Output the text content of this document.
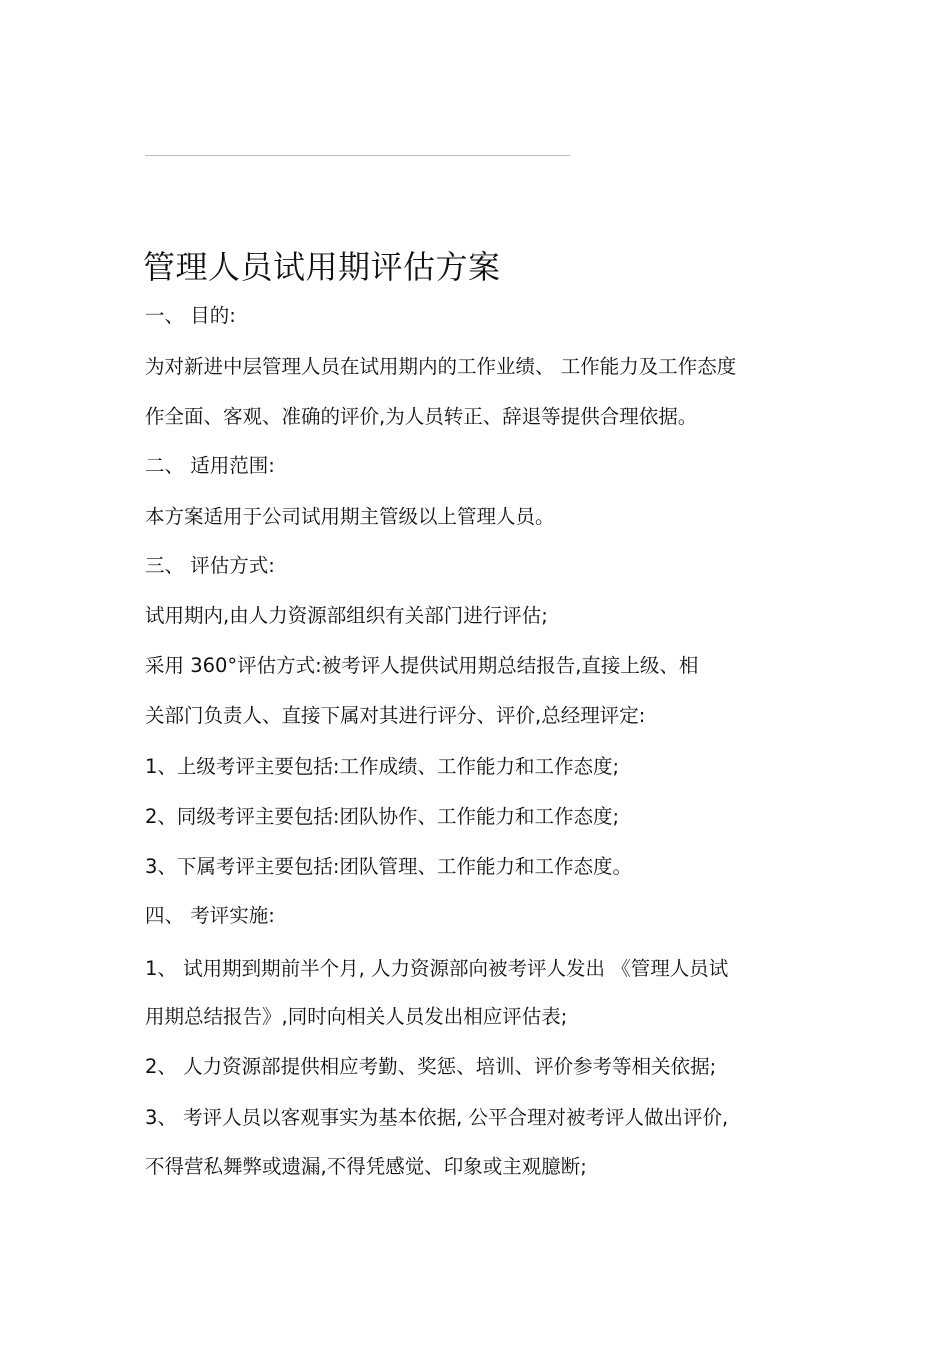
管理人员试用期评估方案

一、 目的:

为对新进中层管理人员在试用期内的工作业绩、 工作能力及工作态度

作全面、客观、准确的评价,为人员转正、辞退等提供合理依据。

二、 适用范围:

本方案适用于公司试用期主管级以上管理人员。

三、 评估方式:

试用期内,由人力资源部组织有关部门进行评估;

采用 360°评估方式:被考评人提供试用期总结报告,直接上级、相

关部门负责人、直接下属对其进行评分、评价,总经理评定:

1、上级考评主要包括:工作成绩、工作能力和工作态度;

2、同级考评主要包括:团队协作、工作能力和工作态度;

3、下属考评主要包括:团队管理、工作能力和工作态度。

四、 考评实施:

1、 试用期到期前半个月, 人力资源部向被考评人发出 《管理人员试

用期总结报告》,同时向相关人员发出相应评估表;

2、 人力资源部提供相应考勤、奖惩、培训、评价参考等相关依据;

3、 考评人员以客观事实为基本依据, 公平合理对被考评人做出评价,

不得营私舞弊或遗漏,不得凭感觉、印象或主观臆断;
